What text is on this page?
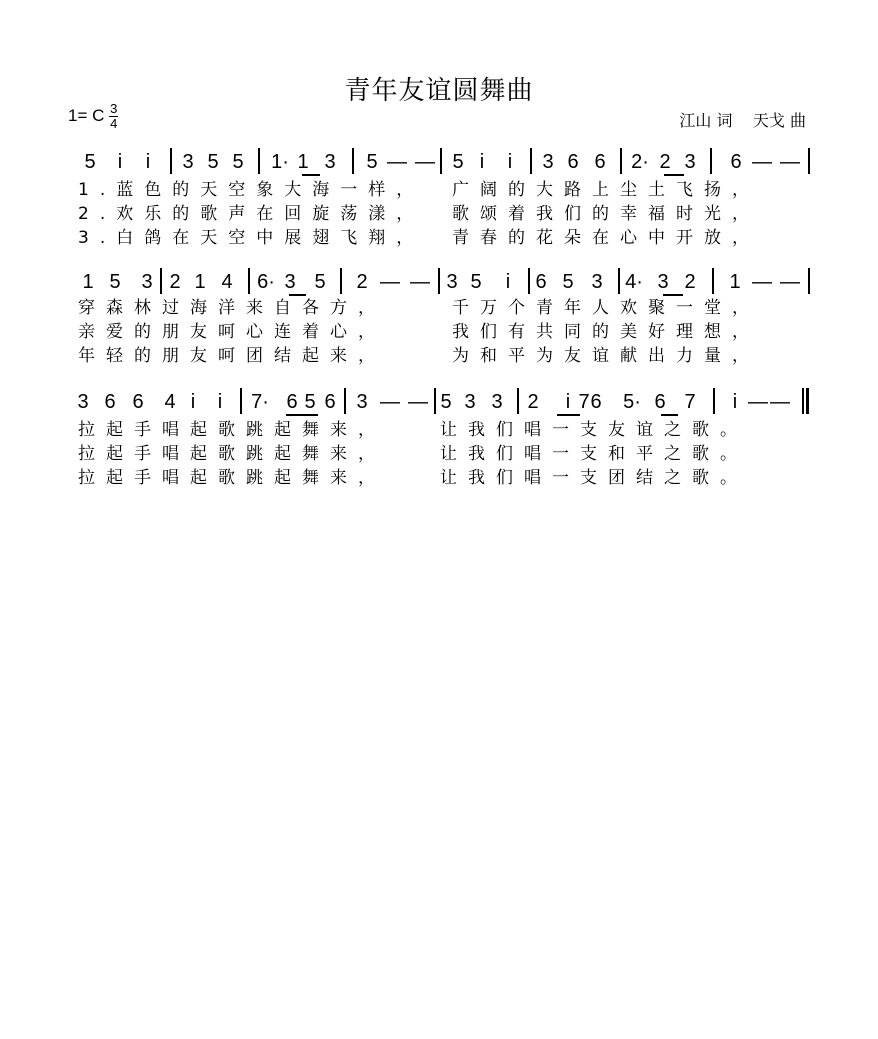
青年友谊圆舞曲
1= C $\frac{3}{4}$	江山 词 天戈 曲
5 i i 3 5 5 1· 1 3 5 — — 5 i i 3 6 6 2· 2 3 6 — —
1.蓝色的天空象大海一样， 广阔的大路上尘土飞扬，
2.欢乐的歌声在回旋荡漾， 歌颂着我们的幸福时光，
3.白鸽在天空中展翅飞翔， 青春的花朵在心中开放，
1 5 3 2 1 4 6· 3 5 2 — — 3 5 i 6 5 3 4· 3 2 1 — —
穿森林过海洋来自各方，	千万个青年人欢聚一堂，
亲爱的朋友呵心连着心，	我们有共同的美好理想，
年轻的朋友呵团结起来，	为和平为友谊献出力量，
3 6 6 4 i i 7· 6 5 6 3 — — 5 3 3 2 i 7 6 5· 6 7 i — —
拉起手唱起歌跳起舞来，	让我们唱一支友谊之歌。
拉起手唱起歌跳起舞来，	让我们唱一支和平之歌。
拉起手唱起歌跳起舞来，	让我们唱一支团结之歌。
